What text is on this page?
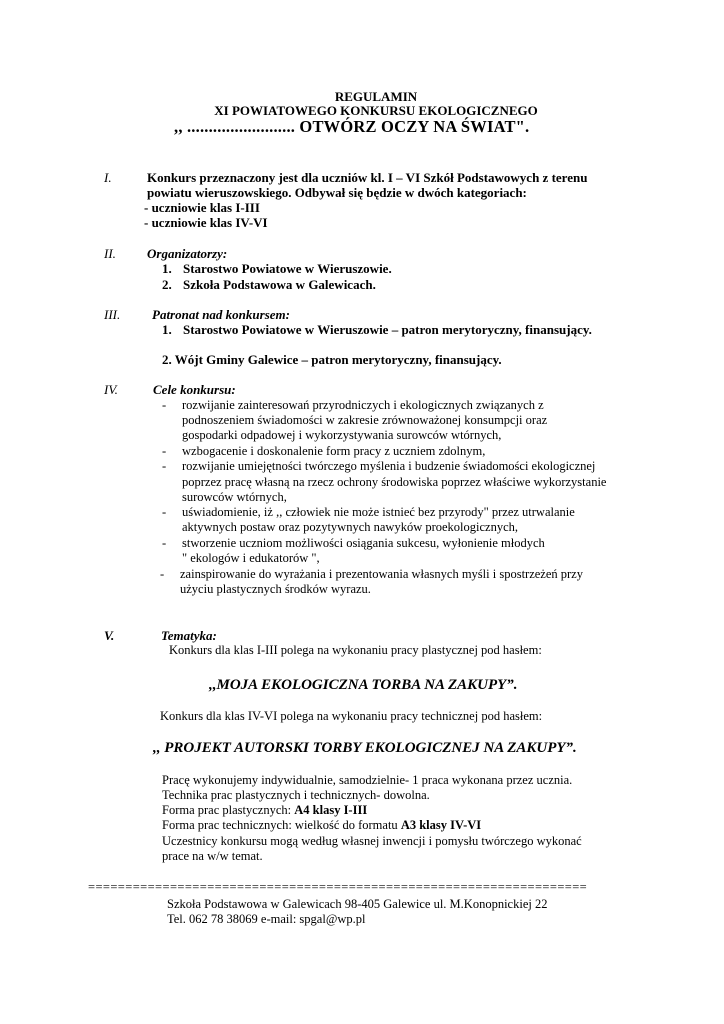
REGULAMIN
XI POWIATOWEGO KONKURSU EKOLOGICZNEGO
,, ......................... OTWÓRZ OCZY NA ŚWIAT".
I.	Konkurs przeznaczony jest dla uczniów kl. I – VI Szkół Podstawowych z terenu
powiatu wieruszowskiego. Odbywał się będzie w dwóch kategoriach:
- uczniowie klas I-III
- uczniowie klas IV-VI
II. Organizatorzy:
1. Starostwo Powiatowe w Wieruszowie.
2. Szkoła Podstawowa w Galewicach.
III. Patronat nad konkursem:
1. Starostwo Powiatowe w Wieruszowie – patron merytoryczny, finansujący.
2. Wójt Gminy Galewice – patron merytoryczny, finansujący.
IV.	Cele konkursu:
- rozwijanie zainteresowań przyrodniczych i ekologicznych związanych z
podnoszeniem świadomości w zakresie zrównoważonej konsumpcji oraz
gospodarki odpadowej i wykorzystywania surowców wtórnych,
- wzbogacenie i doskonalenie form pracy z uczniem zdolnym,
- rozwijanie umiejętności twórczego myślenia i budzenie świadomości ekologicznej
poprzez pracę własną na rzecz ochrony środowiska poprzez właściwe wykorzystanie
surowców wtórnych,
- uświadomienie, iż ,, człowiek nie może istnieć bez przyrody" przez utrwalanie
aktywnych postaw oraz pozytywnych nawyków proekologicznych,
- stworzenie uczniom możliwości osiągania sukcesu, wyłonienie młodych
" ekologów i edukatorów ",
- zainspirowanie do wyrażania i prezentowania własnych myśli i spostrzeżeń przy
użyciu plastycznych środków wyrazu.
V.	Tematyka:
Konkurs dla klas I-III polega na wykonaniu pracy plastycznej pod hasłem:
,,MOJA EKOLOGICZNA TORBA NA ZAKUPY”.
Konkurs dla klas IV-VI polega na wykonaniu pracy technicznej pod hasłem:
,, PROJEKT AUTORSKI TORBY EKOLOGICZNEJ NA ZAKUPY”.
Pracę wykonujemy indywidualnie, samodzielnie- 1 praca wykonana przez ucznia.
Technika prac plastycznych i technicznych- dowolna.
Forma prac plastycznych: A4 klasy I-III
Forma prac technicznych: wielkość do formatu A3 klasy IV-VI
Uczestnicy konkursu mogą według własnej inwencji i pomysłu twórczego wykonać
prace na w/w temat.
===================================================================
Szkoła Podstawowa w Galewicach 98-405 Galewice ul. M.Konopnickiej 22
Tel. 062 78 38069 e-mail: spgal@wp.pl
